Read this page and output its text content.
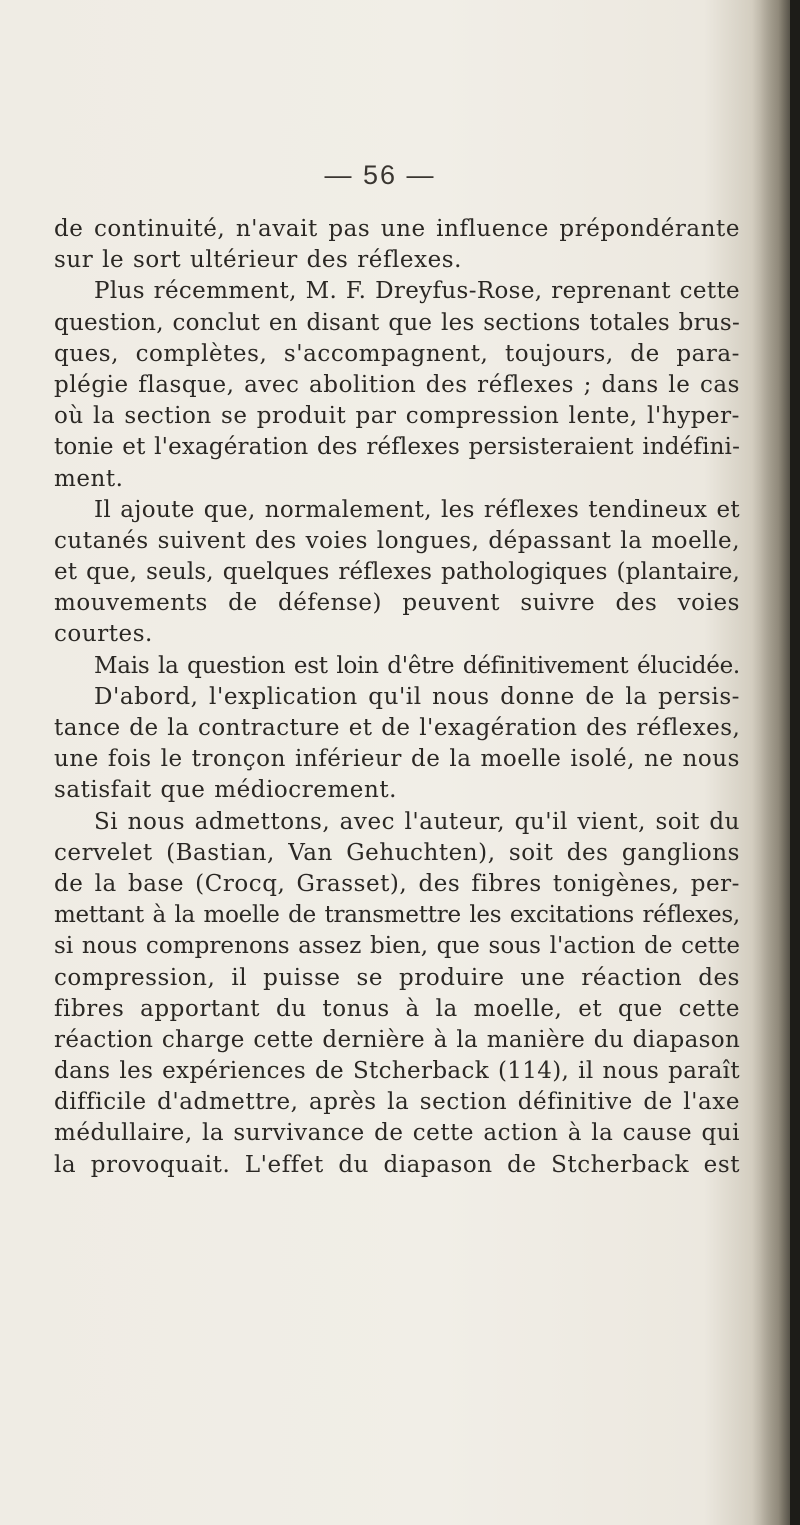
— 56 —
de continuité, n'avait pas une influence prépondérante
sur le sort ultérieur des réflexes.
Plus récemment, M. F. Dreyfus-Rose, reprenant cette
question, conclut en disant que les sections totales brus-
ques, complètes, s'accompagnent, toujours, de para-
plégie flasque, avec abolition des réflexes ; dans le cas
où la section se produit par compression lente, l'hyper-
tonie et l'exagération des réflexes persisteraient indéfini-
ment.
Il ajoute que, normalement, les réflexes tendineux et
cutanés suivent des voies longues, dépassant la moelle,
et que, seuls, quelques réflexes pathologiques (plantaire,
mouvements de défense) peuvent suivre des voies
courtes.
Mais la question est loin d'être définitivement élucidée.
D'abord, l'explication qu'il nous donne de la persis-
tance de la contracture et de l'exagération des réflexes,
une fois le tronçon inférieur de la moelle isolé, ne nous
satisfait que médiocrement.
Si nous admettons, avec l'auteur, qu'il vient, soit du
cervelet (Bastian, Van Gehuchten), soit des ganglions
de la base (Crocq, Grasset), des fibres tonigènes, per-
mettant à la moelle de transmettre les excitations réflexes,
si nous comprenons assez bien, que sous l'action de cette
compression, il puisse se produire une réaction des
fibres apportant du tonus à la moelle, et que cette
réaction charge cette dernière à la manière du diapason
dans les expériences de Stcherback (114), il nous paraît
difficile d'admettre, après la section définitive de l'axe
médullaire, la survivance de cette action à la cause qui
la provoquait. L'effet du diapason de Stcherback est
